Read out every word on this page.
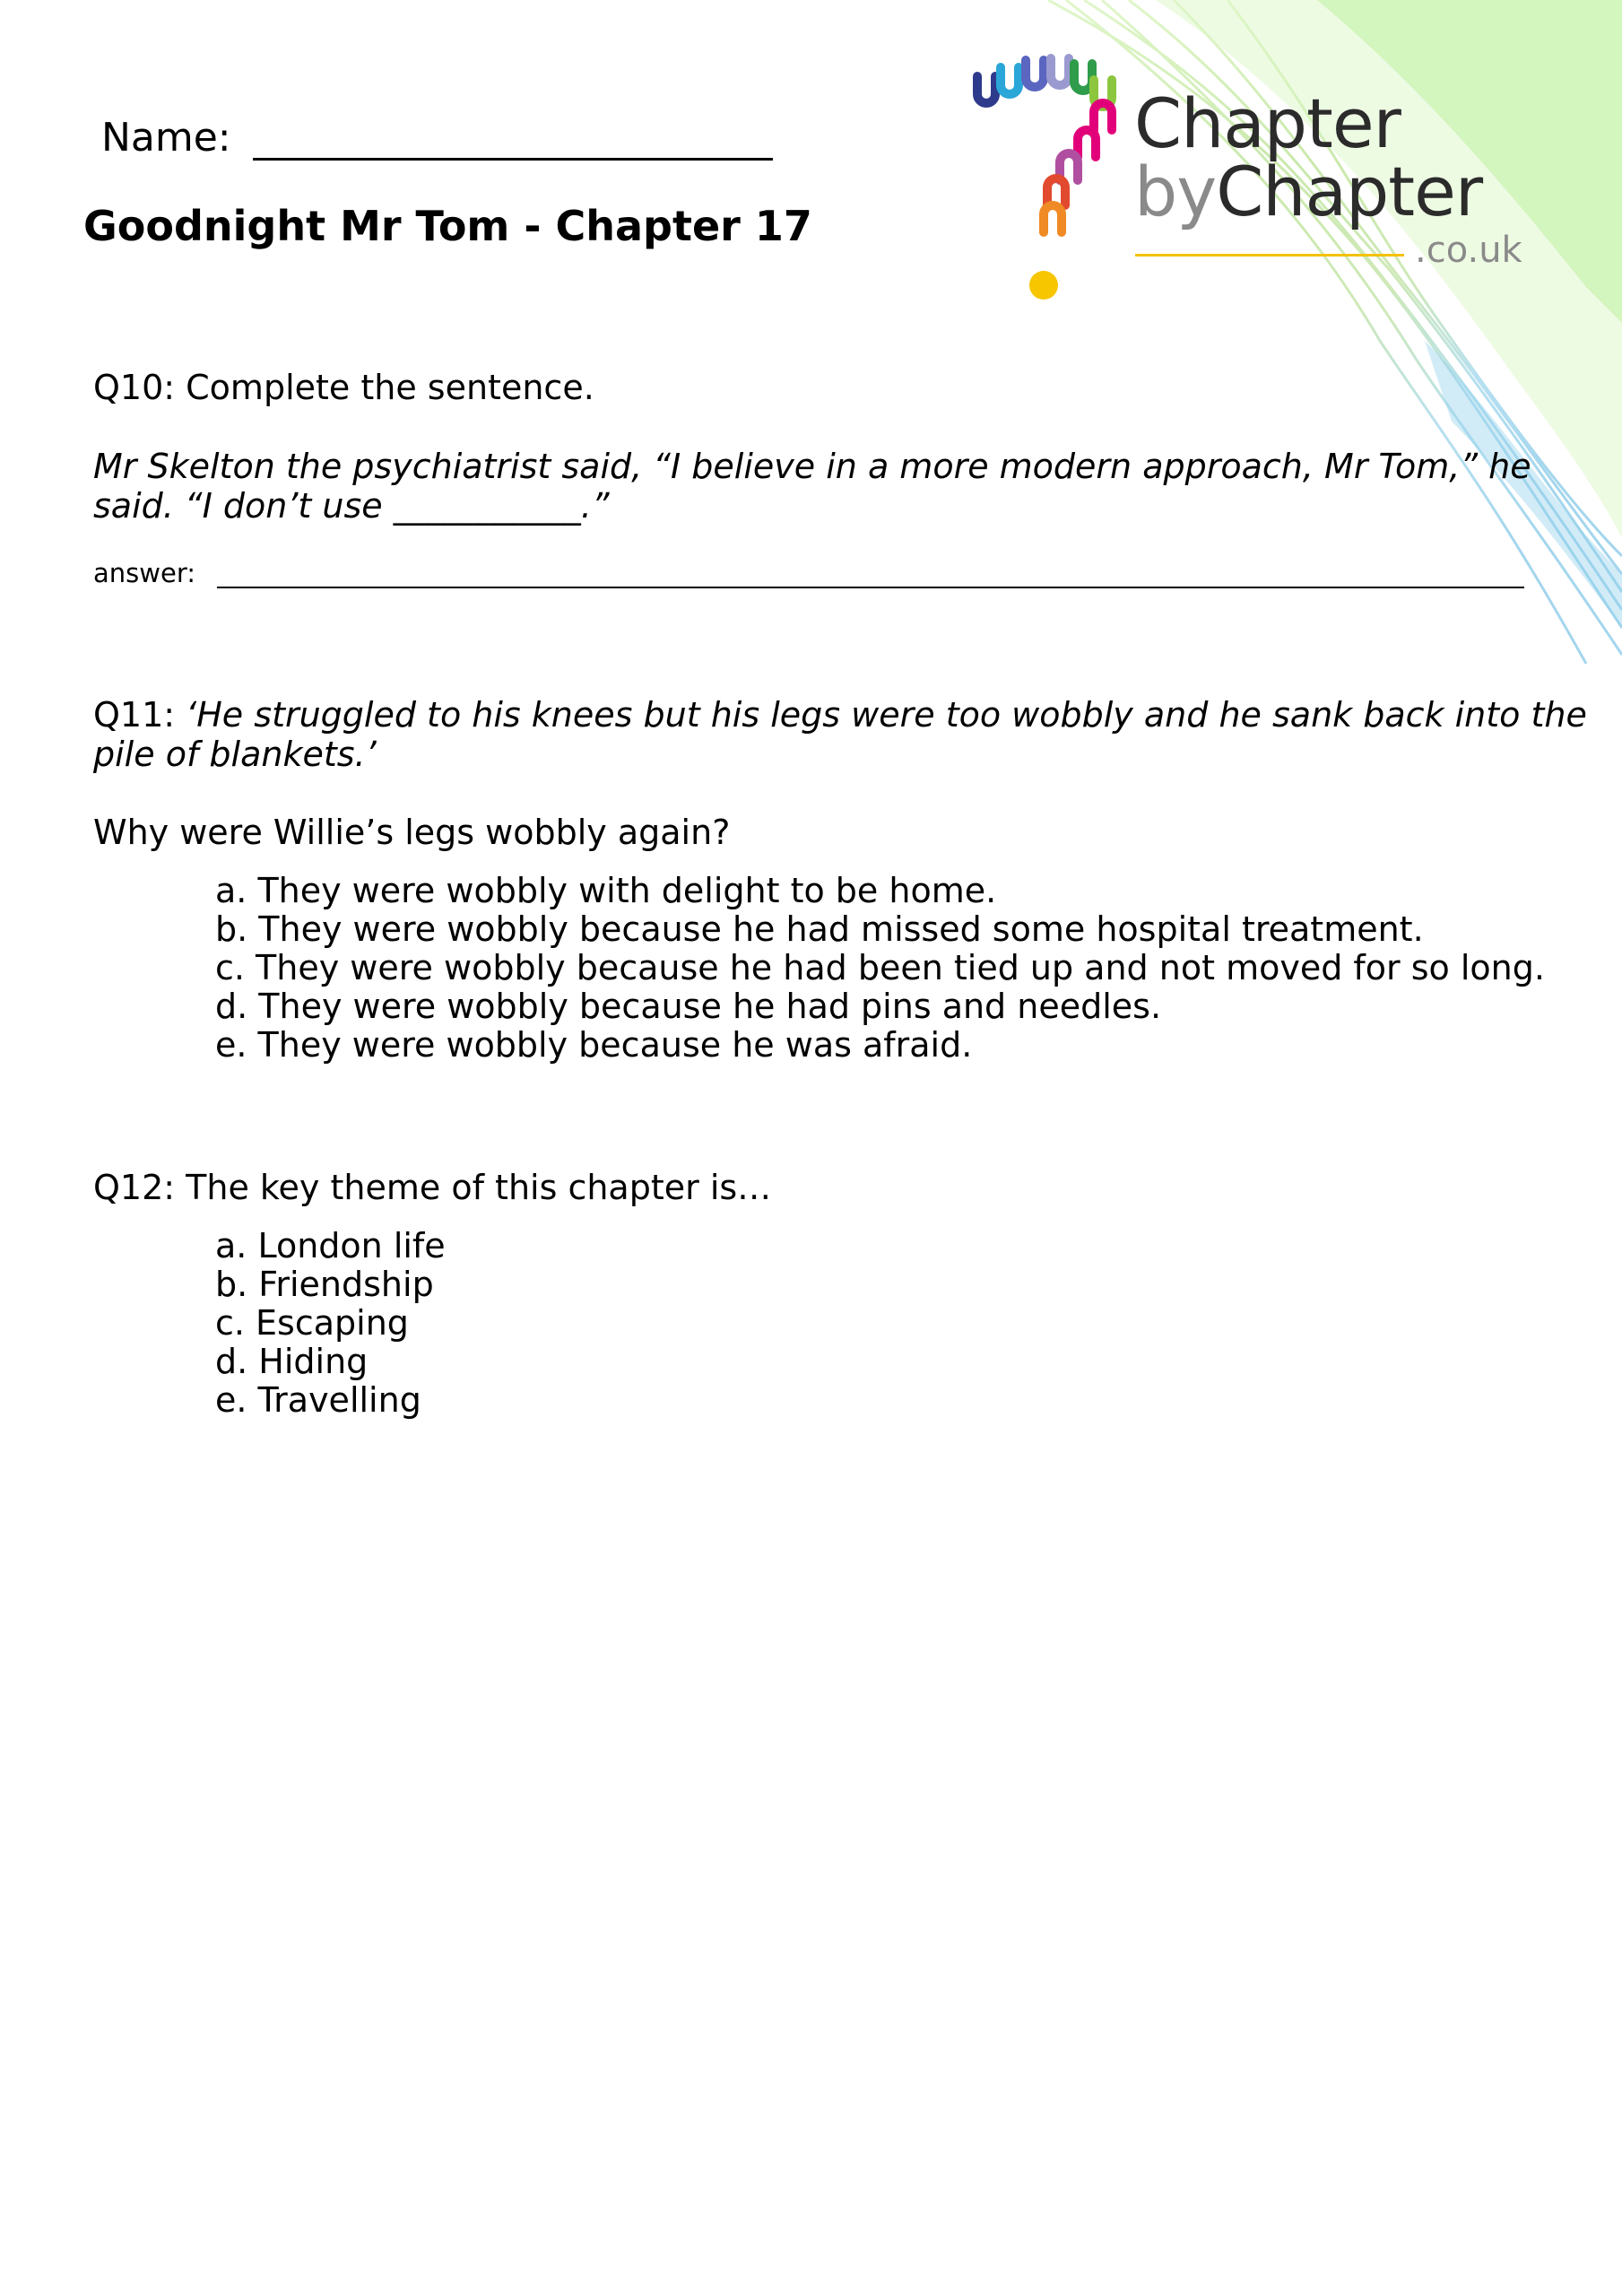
Chapter
byChapter
.co.uk
Name:
Goodnight Mr Tom - Chapter 17
Q10: Complete the sentence.
Mr Skelton the psychiatrist said, “I believe in a more modern approach, Mr Tom,” he
said. “I don’t use ___________.”
answer:
Q11: ‘He struggled to his knees but his legs were too wobbly and he sank back into the
pile of blankets.’
Why were Willie’s legs wobbly again?
a. They were wobbly with delight to be home.
b. They were wobbly because he had missed some hospital treatment.
c. They were wobbly because he had been tied up and not moved for so long.
d. They were wobbly because he had pins and needles.
e. They were wobbly because he was afraid.
Q12: The key theme of this chapter is…
a. London life
b. Friendship
c. Escaping
d. Hiding
e. Travelling
